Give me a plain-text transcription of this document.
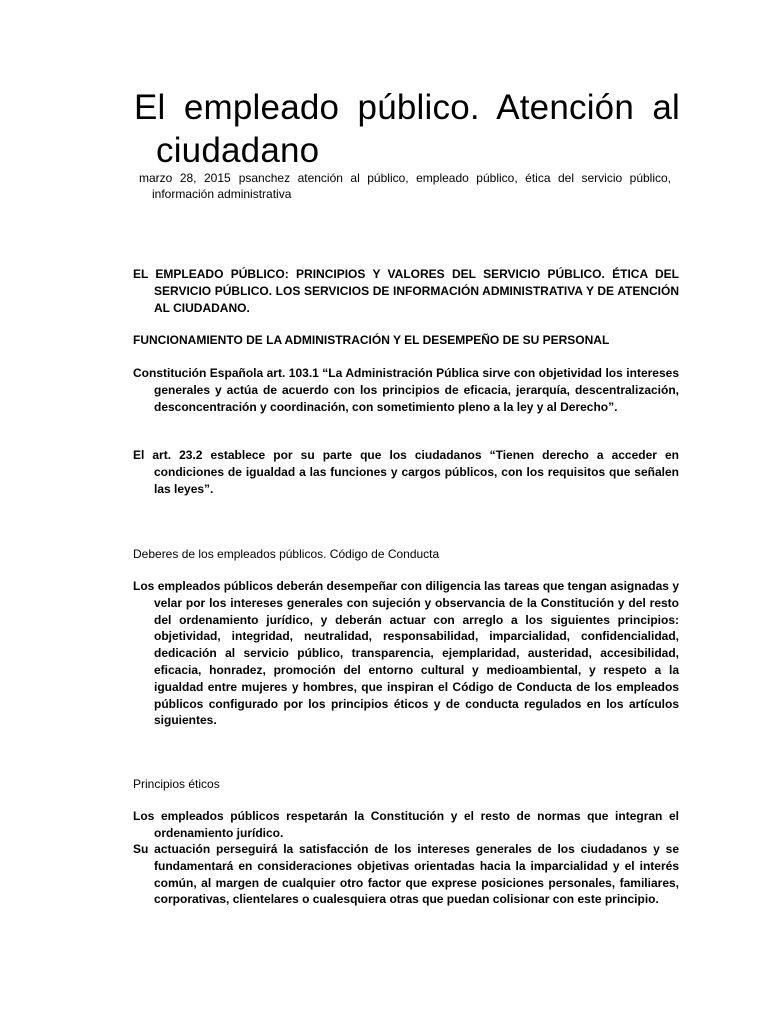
El empleado público. Atención al ciudadano

marzo 28, 2015 psanchez atención al público, empleado público, ética del servicio público, información administrativa

EL EMPLEADO PÚBLICO: PRINCIPIOS Y VALORES DEL SERVICIO PÚBLICO. ÉTICA DEL SERVICIO PÚBLICO. LOS SERVICIOS DE INFORMACIÓN ADMINISTRATIVA Y DE ATENCIÓN AL CIUDADANO.

FUNCIONAMIENTO DE LA ADMINISTRACIÓN Y EL DESEMPEÑO DE SU PERSONAL

Constitución Española art. 103.1 “La Administración Pública sirve con objetividad los intereses generales y actúa de acuerdo con los principios de eficacia, jerarquía, descentralización, desconcentración y coordinación, con sometimiento pleno a la ley y al Derecho”.

El art. 23.2 establece por su parte que los ciudadanos “Tienen derecho a acceder en condiciones de igualdad a las funciones y cargos públicos, con los requisitos que señalen las leyes”.

Deberes de los empleados públicos. Código de Conducta

Los empleados públicos deberán desempeñar con diligencia las tareas que tengan asignadas y velar por los intereses generales con sujeción y observancia de la Constitución y del resto del ordenamiento jurídico, y deberán actuar con arreglo a los siguientes principios: objetividad, integridad, neutralidad, responsabilidad, imparcialidad, confidencialidad, dedicación al servicio público, transparencia, ejemplaridad, austeridad, accesibilidad, eficacia, honradez, promoción del entorno cultural y medioambiental, y respeto a la igualdad entre mujeres y hombres, que inspiran el Código de Conducta de los empleados públicos configurado por los principios éticos y de conducta regulados en los artículos siguientes.

Principios éticos

Los empleados públicos respetarán la Constitución y el resto de normas que integran el ordenamiento jurídico.

Su actuación perseguirá la satisfacción de los intereses generales de los ciudadanos y se fundamentará en consideraciones objetivas orientadas hacia la imparcialidad y el interés común, al margen de cualquier otro factor que exprese posiciones personales, familiares, corporativas, clientelares o cualesquiera otras que puedan colisionar con este principio.
